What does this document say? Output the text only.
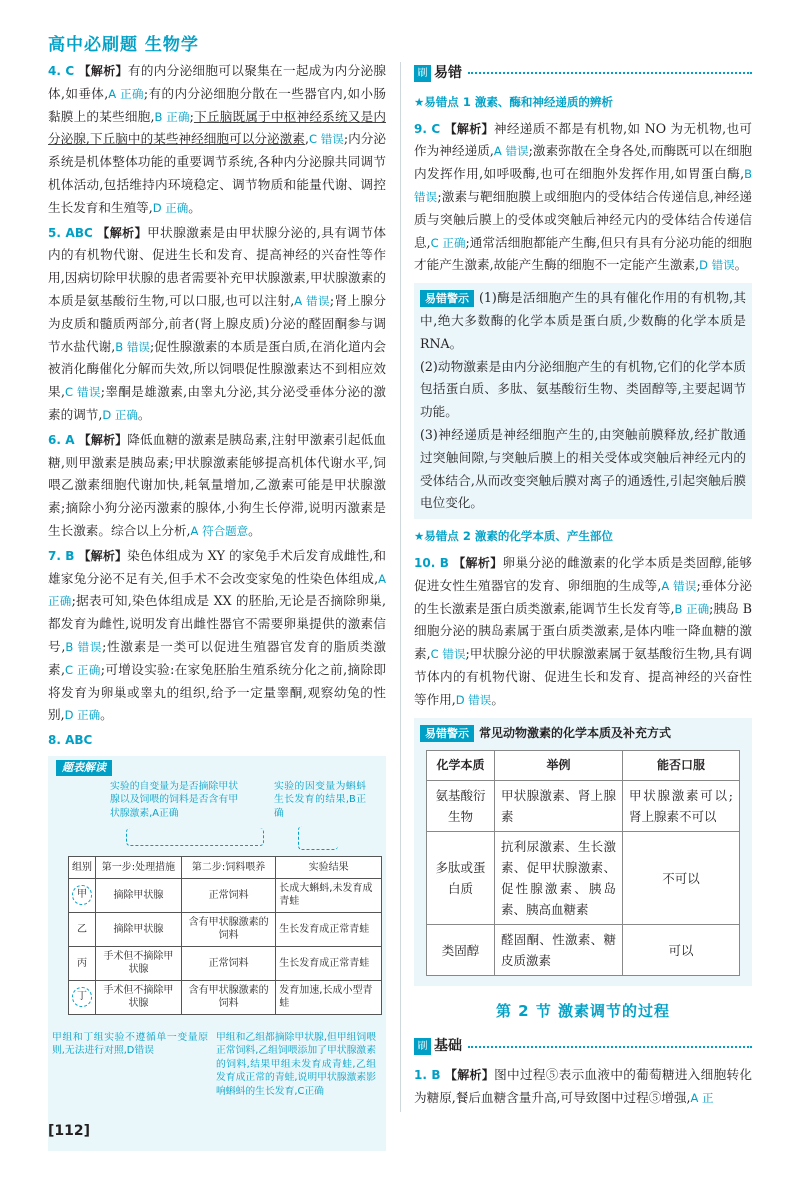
高中必刷题 生物学

4. C 【解析】有的内分泌细胞可以聚集在一起成为内分泌腺体,如垂体,A 正确;有的内分泌细胞分散在一些器官内,如小肠黏膜上的某些细胞,B 正确;下丘脑既属于中枢神经系统又是内分泌腺,下丘脑中的某些神经细胞可以分泌激素,C 错误;内分泌系统是机体整体功能的重要调节系统,各种内分泌腺共同调节机体活动,包括维持内环境稳定、调节物质和能量代谢、调控生长发育和生殖等,D 正确。

5. ABC 【解析】甲状腺激素是由甲状腺分泌的,具有调节体内的有机物代谢、促进生长和发育、提高神经的兴奋性等作用,因病切除甲状腺的患者需要补充甲状腺激素,甲状腺激素的本质是氨基酸衍生物,可以口服,也可以注射,A 错误;肾上腺分为皮质和髓质两部分,前者(肾上腺皮质)分泌的醛固酮参与调节水盐代谢,B 错误;促性腺激素的本质是蛋白质,在消化道内会被消化酶催化分解而失效,所以饲喂促性腺激素达不到相应效果,C 错误;睾酮是雄激素,由睾丸分泌,其分泌受垂体分泌的激素的调节,D 正确。

6. A 【解析】降低血糖的激素是胰岛素,注射甲激素引起低血糖,则甲激素是胰岛素;甲状腺激素能够提高机体代谢水平,饲喂乙激素细胞代谢加快,耗氧量增加,乙激素可能是甲状腺激素;摘除小狗分泌丙激素的腺体,小狗生长停滞,说明丙激素是生长激素。综合以上分析,A 符合题意。

7. B 【解析】染色体组成为 XY 的家兔手术后发育成雌性,和雄家兔分泌不足有关,但手术不会改变家兔的性染色体组成,A 正确;据表可知,染色体组成是 XX 的胚胎,无论是否摘除卵巢,都发育为雌性,说明发育出雌性器官不需要卵巢提供的激素信号,B 错误;性激素是一类可以促进生殖器官发育的脂质类激素,C 正确;可增设实验:在家兔胚胎生殖系统分化之前,摘除即将发育为卵巢或睾丸的组织,给予一定量睾酮,观察幼兔的性别,D 正确。

8. ABC

题表解读
实验的自变量为是否摘除甲状腺以及饲喂的饲料是否含有甲状腺激素,A正确
实验的因变量为蝌蚪生长发育的结果,B正确
组别	第一步:处理措施	第二步:饲料喂养	实验结果
甲	摘除甲状腺	正常饲料	长成大蝌蚪,未发育成青蛙
乙	摘除甲状腺	含有甲状腺激素的饲料	生长发育成正常青蛙
丙	手术但不摘除甲状腺	正常饲料	生长发育成正常青蛙
丁	手术但不摘除甲状腺	含有甲状腺激素的饲料	发育加速,长成小型青蛙
甲组和丁组实验不遵循单一变量原则,无法进行对照,D错误
甲组和乙组都摘除甲状腺,但甲组饲喂正常饲料,乙组饲喂添加了甲状腺激素的饲料,结果甲组未发育成青蛙,乙组发育成正常的青蛙,说明甲状腺激素影响蝌蚪的生长发育,C正确
刷 易错
★易错点 1 激素、酶和神经递质的辨析

9. C 【解析】神经递质不都是有机物,如 NO 为无机物,也可作为神经递质,A 错误;激素弥散在全身各处,而酶既可以在细胞内发挥作用,如呼吸酶,也可在细胞外发挥作用,如胃蛋白酶,B 错误;激素与靶细胞膜上或细胞内的受体结合传递信息,神经递质与突触后膜上的受体或突触后神经元内的受体结合传递信息,C 正确;通常活细胞都能产生酶,但只有具有分泌功能的细胞才能产生激素,故能产生酶的细胞不一定能产生激素,D 错误。

易错警示 (1)酶是活细胞产生的具有催化作用的有机物,其中,绝大多数酶的化学本质是蛋白质,少数酶的化学本质是 RNA。

(2)动物激素是由内分泌细胞产生的有机物,它们的化学本质包括蛋白质、多肽、氨基酸衍生物、类固醇等,主要起调节功能。

(3)神经递质是神经细胞产生的,由突触前膜释放,经扩散通过突触间隙,与突触后膜上的相关受体或突触后神经元内的受体结合,从而改变突触后膜对离子的通透性,引起突触后膜电位变化。

★易错点 2 激素的化学本质、产生部位

10. B 【解析】卵巢分泌的雌激素的化学本质是类固醇,能够促进女性生殖器官的发育、卵细胞的生成等,A 错误;垂体分泌的生长激素是蛋白质类激素,能调节生长发育等,B 正确;胰岛 B 细胞分泌的胰岛素属于蛋白质类激素,是体内唯一降血糖的激素,C 错误;甲状腺分泌的甲状腺激素属于氨基酸衍生物,具有调节体内的有机物代谢、促进生长和发育、提高神经的兴奋性等作用,D 错误。

易错警示 常见动物激素的化学本质及补充方式

化学本质	举例	能否口服
氨基酸衍生物	甲状腺激素、肾上腺素	甲状腺激素可以;肾上腺素不可以
多肽或蛋白质	抗利尿激素、生长激素、促甲状腺激素、促性腺激素、胰岛素、胰高血糖素	不可以
类固醇	醛固酮、性激素、糖皮质激素	可以
第 2 节 激素调节的过程
刷 基础

1. B 【解析】图中过程⑤表示血液中的葡萄糖进入细胞转化为糖原,餐后血糖含量升高,可导致图中过程⑤增强,A 正

[112]
